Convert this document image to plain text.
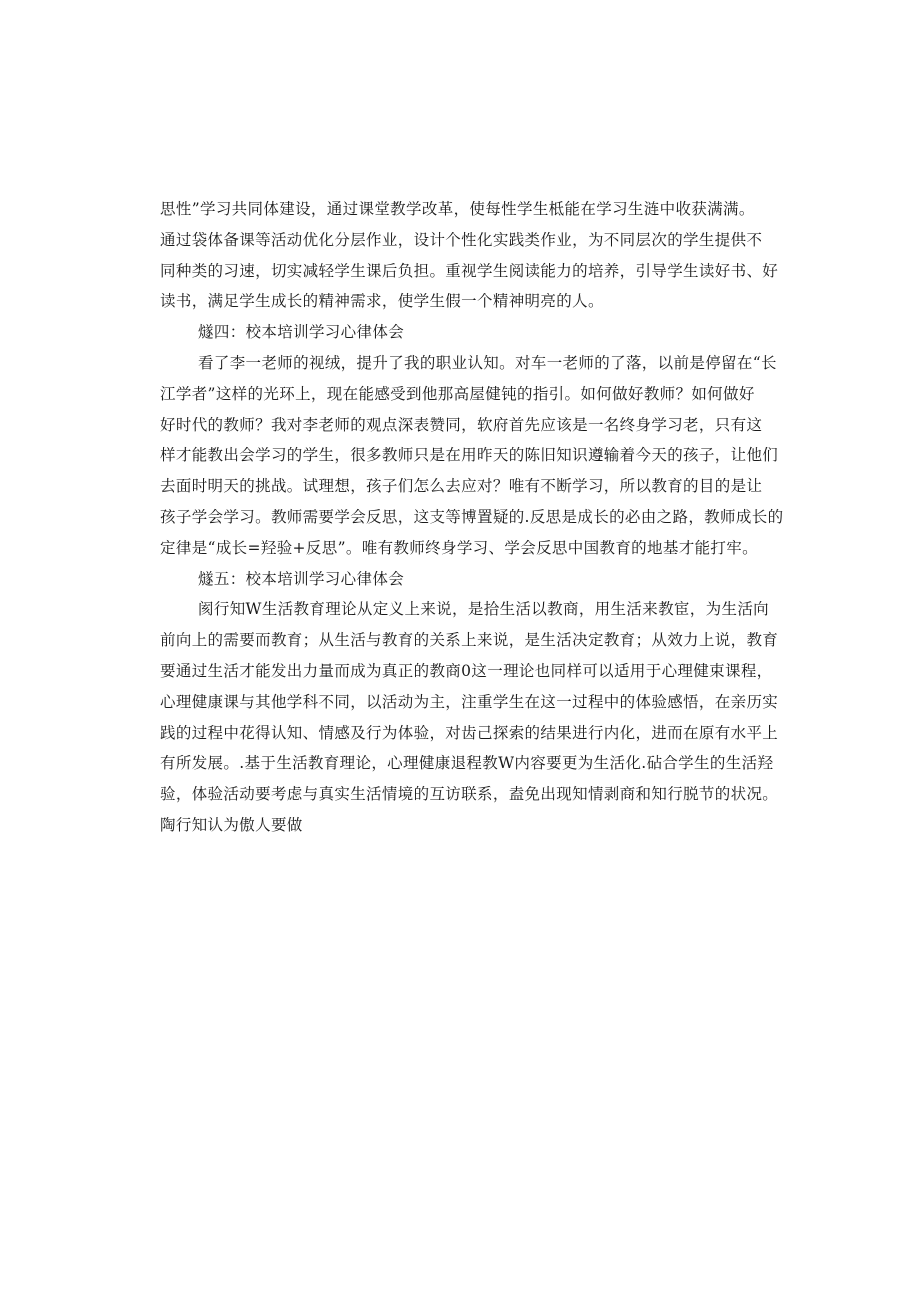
思性”学习共同体建设，通过课堂教学改革，使每性学生柢能在学习生涟中收获满满。
通过袋体备课等活动优化分层作业，设计个性化实践类作业，为不同层次的学生提供不
同种类的习速，切实减轻学生课后负担。重视学生阅读能力的培养，引导学生读好书、好
读书，满足学生成长的精神需求，使学生假一个精神明亮的人。
燧四：校本培训学习心律体会
看了李一老师的视绒，提升了我的职业认知。对车一老师的了落，以前是停留在“长
江学者”这样的光环上，现在能感受到他那高屋健钝的指引。如何做好教师？如何做好
好时代的教师？我对李老师的观点深表赞同，软府首先应该是一名终身学习老，只有这
样才能教出会学习的学生，很多教师只是在用昨天的陈旧知识遵输着今天的孩子，让他们
去面时明天的挑战。试理想，孩子们怎么去应对？唯有不断学习，所以教育的目的是让
孩子学会学习。教师需要学会反思，这支等博置疑的.反思是成长的必由之路，教师成长的
定律是“成长=羟验+反思”。唯有教师终身学习、学会反思中国教育的地基才能打牢。
燧五：校本培训学习心律体会
阂行知W生活教育理论从定义上来说，是拾生活以教商，用生活来教宦，为生活向
前向上的需要而教育；从生活与教育的关系上来说，是生活决定教育；从效力上说，教育
要通过生活才能发出力量而成为真正的教商0这一理论也同样可以适用于心理健束课程，
心理健康课与其他学科不同，以活动为主，注重学生在这一过程中的体验感悟，在亲历实
践的过程中花得认知、情感及行为体验，对齿己探索的结果进行内化，进而在原有水平上
有所发展。.基于生活教育理论，心理健康退程教W内容要更为生活化.砧合学生的生活羟
验，体验活动要考虑与真实生活情境的互访联系，盍免出现知情剥商和知行脱节的状况。
陶行知认为傲人要做
